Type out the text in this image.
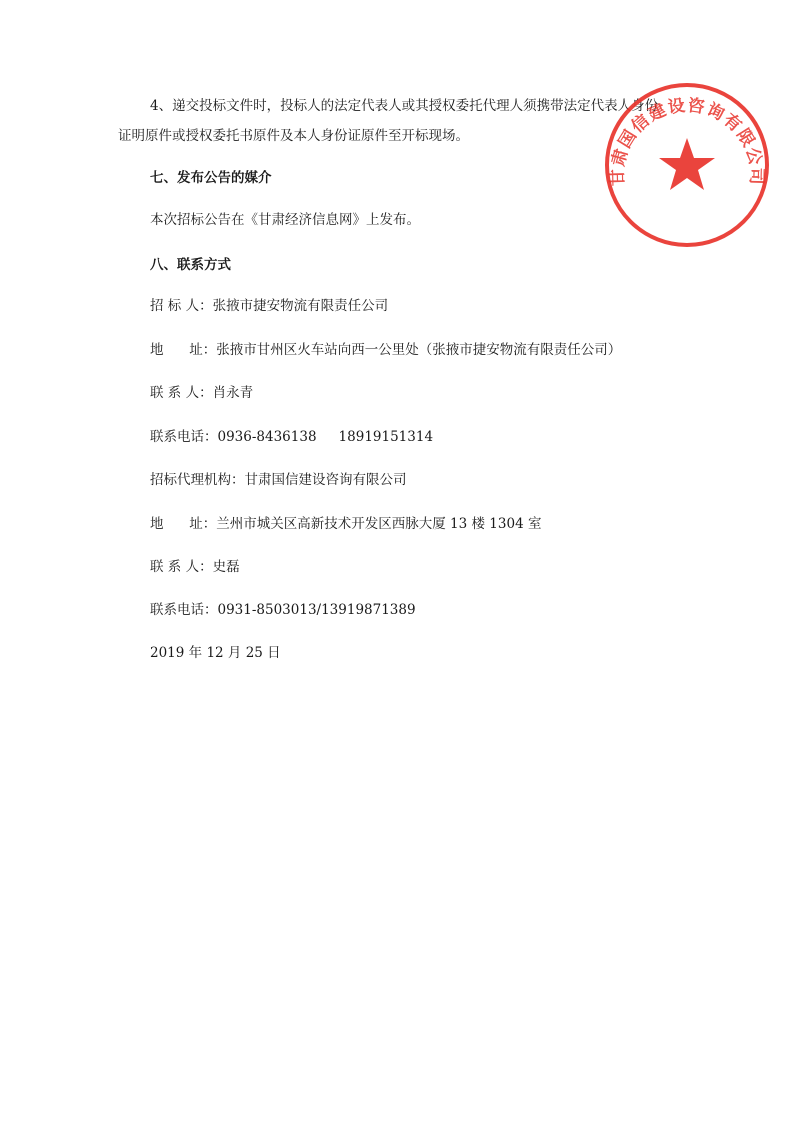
4、递交投标文件时，投标人的法定代表人或其授权委托代理人须携带法定代表人身份
证明原件或授权委托书原件及本人身份证原件至开标现场。
七、发布公告的媒介
本次招标公告在《甘肃经济信息网》上发布。
八、联系方式
招 标 人：张掖市捷安物流有限责任公司
地      址：张掖市甘州区火车站向西一公里处（张掖市捷安物流有限责任公司）
联 系 人：肖永青
联系电话：0936-8436138 18919151314
招标代理机构：甘肃国信建设咨询有限公司
地      址：兰州市城关区高新技术开发区西脉大厦 13 楼 1304 室
联 系 人：史磊
联系电话：0931-8503013/13919871389
2019 年 12 月 25 日
甘肃国信建设咨询有限公司
